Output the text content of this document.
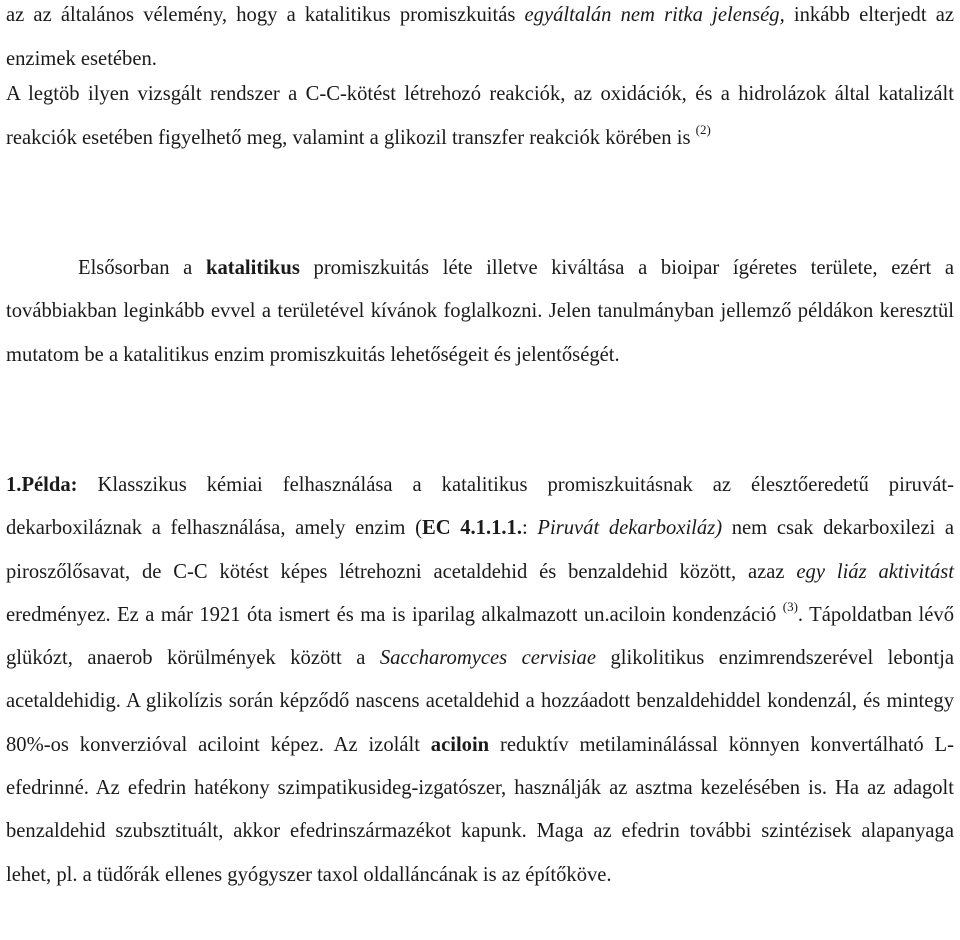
az az általános vélemény, hogy a katalitikus promiszkuitás egyáltalán nem ritka jelenség, inkább elterjedt az enzimek esetében.

A legtöb ilyen vizsgált rendszer a C-C-kötést létrehozó reakciók, az oxidációk, és a hidrolázok által katalizált reakciók esetében figyelhető meg, valamint a glikozil transzfer reakciók körében is $^{(2)}$

Elsősorban a katalitikus promiszkuitás léte illetve kiváltása a bioipar ígéretes területe, ezért a továbbiakban leginkább evvel a területével kívánok foglalkozni. Jelen tanulmányban jellemző példákon keresztül mutatom be a katalitikus enzim promiszkuitás lehetőségeit és jelentőségét.

1.Példa: Klasszikus kémiai felhasználása a katalitikus promiszkuitásnak az élesztőeredetű piruvát-dekarboxiláznak a felhasználása, amely enzim (EC 4.1.1.1.: Piruvát dekarboxiláz) nem csak dekarboxilezi a piroszőlősavat, de C-C kötést képes létrehozni acetaldehid és benzaldehid között, azaz egy liáz aktivitást eredményez. Ez a már 1921 óta ismert és ma is iparilag alkalmazott un.aciloin kondenzáció $^{(3)}$. Tápoldatban lévő glükózt, anaerob körülmények között a Saccharomyces cervisiae glikolitikus enzimrendszerével lebontja acetaldehidig. A glikolízis során képződő nascens acetaldehid a hozzáadott benzaldehiddel kondenzál, és mintegy 80%-os konverzióval aciloint képez. Az izolált aciloin reduktív metilaminálással könnyen konvertálható L-efedrinné. Az efedrin hatékony szimpatikusideg-izgatószer, használják az asztma kezelésében is. Ha az adagolt benzaldehid szubsztituált, akkor efedrinszármazékot kapunk. Maga az efedrin további szintézisek alapanyaga lehet, pl. a tüdőrák ellenes gyógyszer taxol oldalláncának is az építőköve.
